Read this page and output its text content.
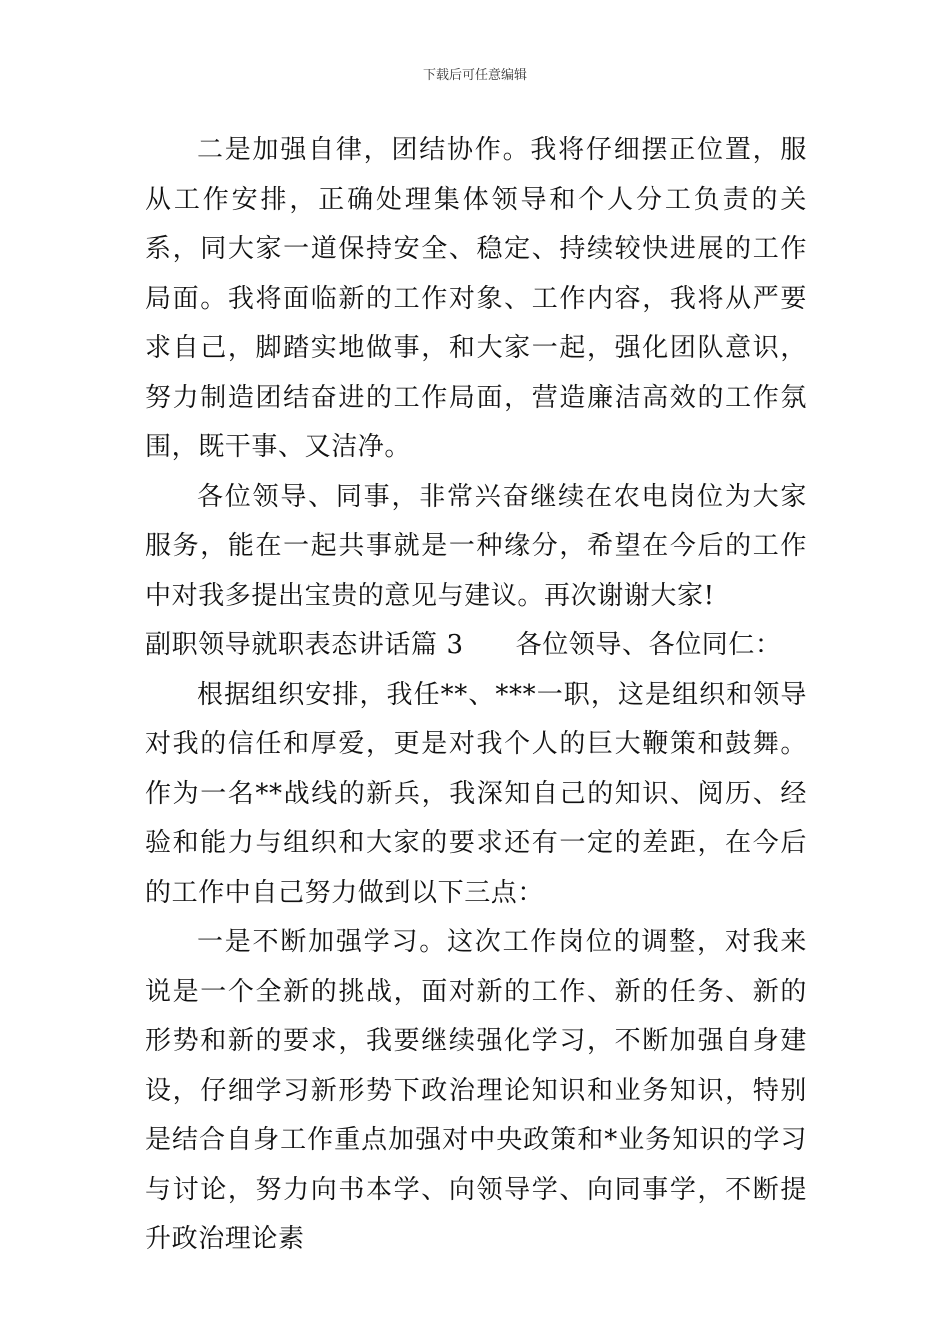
下载后可任意编辑

二是加强自律，团结协作。我将仔细摆正位置，服从工作安排，正确处理集体领导和个人分工负责的关系，同大家一道保持安全、稳定、持续较快进展的工作局面。我将面临新的工作对象、工作内容，我将从严要求自己，脚踏实地做事，和大家一起，强化团队意识，努力制造团结奋进的工作局面，营造廉洁高效的工作氛围，既干事、又洁净。

各位领导、同事，非常兴奋继续在农电岗位为大家服务，能在一起共事就是一种缘分，希望在今后的工作中对我多提出宝贵的意见与建议。再次谢谢大家!

副职领导就职表态讲话篇 3 各位领导、各位同仁：

根据组织安排，我任**、***一职，这是组织和领导对我的信任和厚爱，更是对我个人的巨大鞭策和鼓舞。作为一名**战线的新兵，我深知自己的知识、阅历、经验和能力与组织和大家的要求还有一定的差距，在今后的工作中自己努力做到以下三点：

一是不断加强学习。这次工作岗位的调整，对我来说是一个全新的挑战，面对新的工作、新的任务、新的形势和新的要求，我要继续强化学习，不断加强自身建设，仔细学习新形势下政治理论知识和业务知识，特别是结合自身工作重点加强对中央政策和*业务知识的学习与讨论，努力向书本学、向领导学、向同事学，不断提升政治理论素
